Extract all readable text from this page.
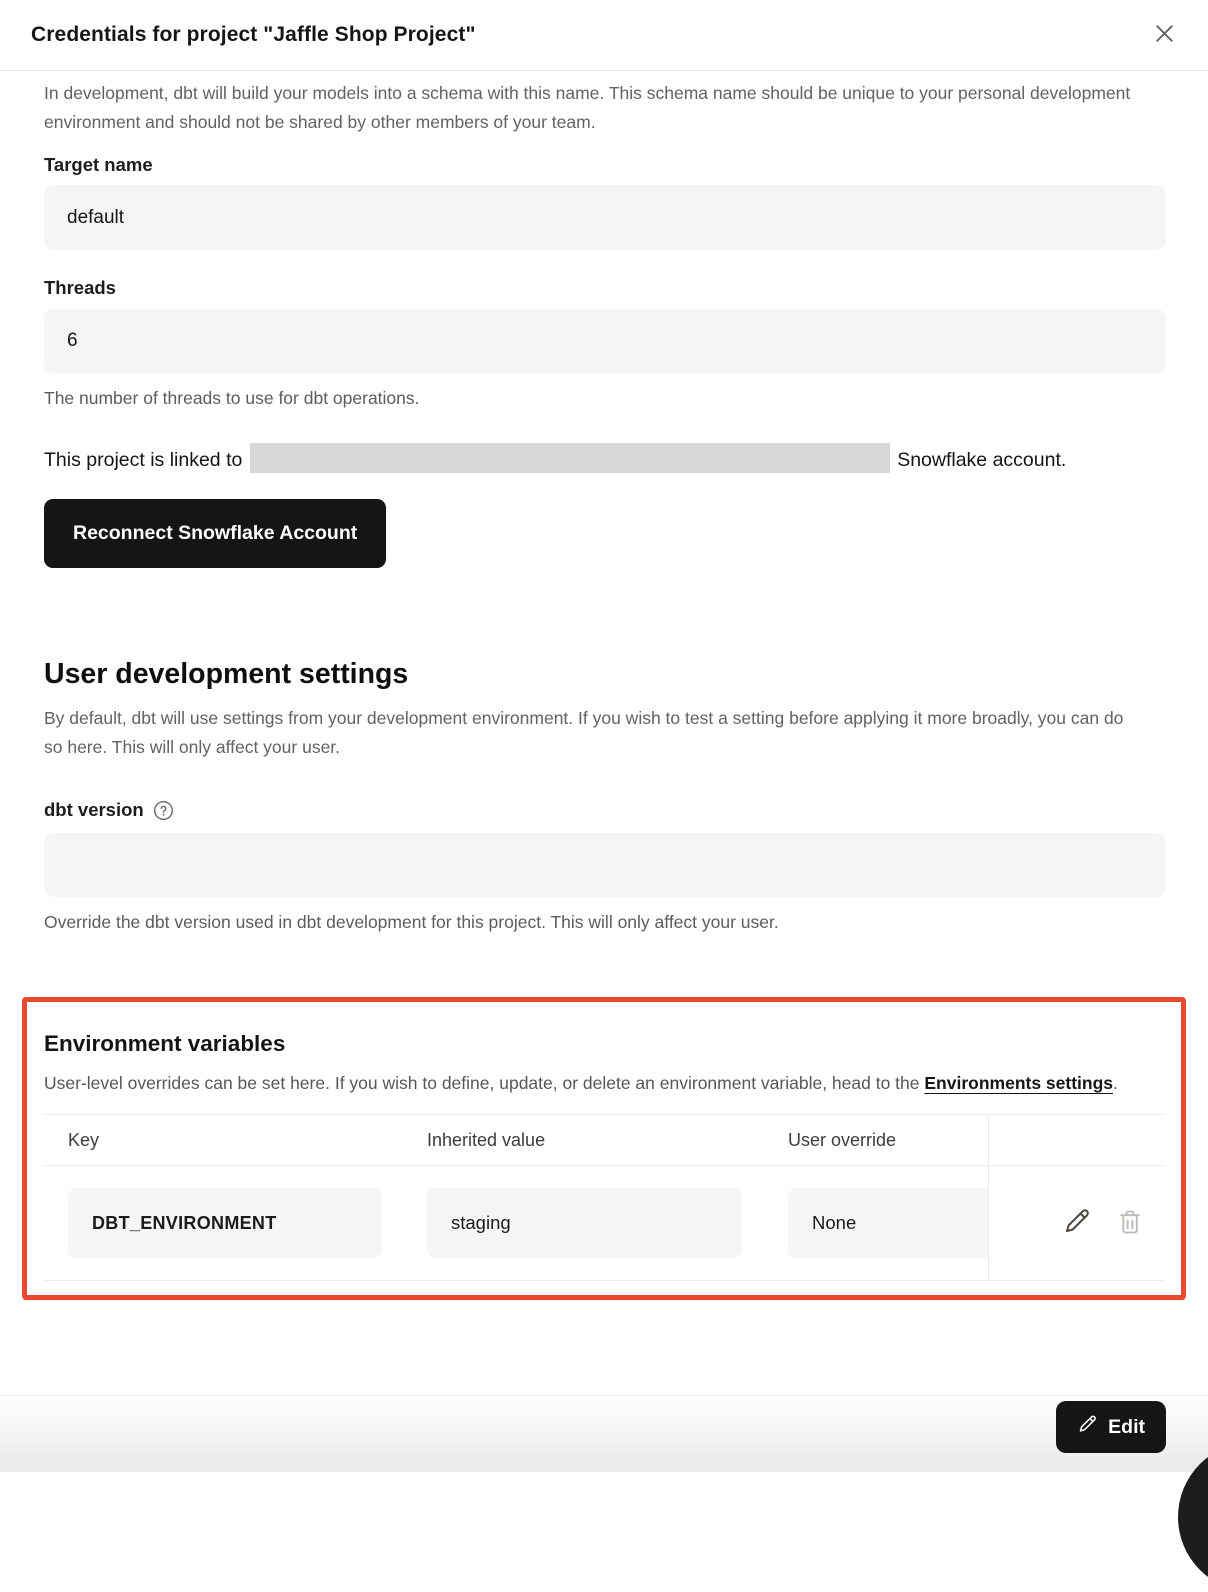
Credentials for project "Jaffle Shop Project"

In development, dbt will build your models into a schema with this name. This schema name should be unique to your personal development environment and should not be shared by other members of your team.

Target name
default
Threads
6

The number of threads to use for dbt operations.

This project is linked to	Snowflake account.

Reconnect Snowflake Account
User development settings

By default, dbt will use settings from your development environment. If you wish to test a setting before applying it more broadly, you can do so here. This will only affect your user.

dbt version

Override the dbt version used in dbt development for this project. This will only affect your user.

Environment variables

User-level overrides can be set here. If you wish to define, update, or delete an environment variable, head to the Environments settings.

Key	Inherited value	User override
DBT_ENVIRONMENT	staging	None
Edit
